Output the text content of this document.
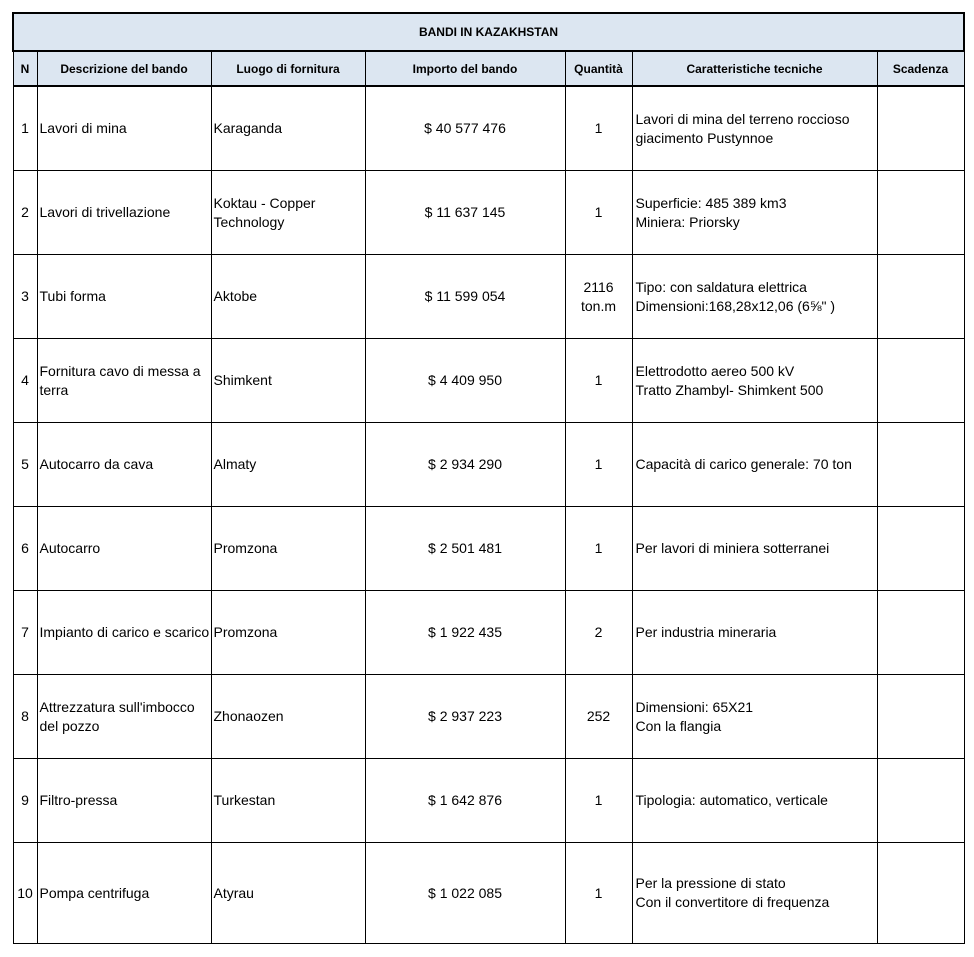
BANDI IN KAZAKHSTAN						
N	Descrizione del bando	Luogo di fornitura	Importo del bando	Quantità	Caratteristiche tecniche	Scadenza
1	Lavori di mina	Karaganda	$ 40 577 476	1	Lavori di mina del terreno roccioso
giacimento Pustynnoe	

2	Lavori di trivellazione	Koktau - Copper Technology	$ 11 637 145	1	Superficie: 485 389 km3
Miniera: Priorsky	

3	Tubi forma	Aktobe	$ 11 599 054	2116 ton.m	Tipo: con saldatura elettrica
Dimensioni:168,28x12,06 (6⅝" )	

4	Fornitura cavo di messa a terra	Shimkent	$ 4 409 950	1	Elettrodotto aereo 500 kV
Tratto Zhambyl- Shimkent 500	

5	Autocarro da cava	Almaty	$ 2 934 290	1	Capacità di carico generale: 70 ton	

6	Autocarro	Promzona	$ 2 501 481	1	Per lavori di miniera sotterranei	

7	Impianto di carico e scarico	Promzona	$ 1 922 435	2	Per industria mineraria	

8	Attrezzatura sull'imbocco del pozzo	Zhonaozen	$ 2 937 223	252	Dimensioni: 65X21
Con la flangia	

9	Filtro-pressa	Turkestan	$ 1 642 876	1	Tipologia: automatico, verticale	

10	Pompa centrifuga	Atyrau	$ 1 022 085	1	Per la pressione di stato
Con il convertitore di frequenza	
